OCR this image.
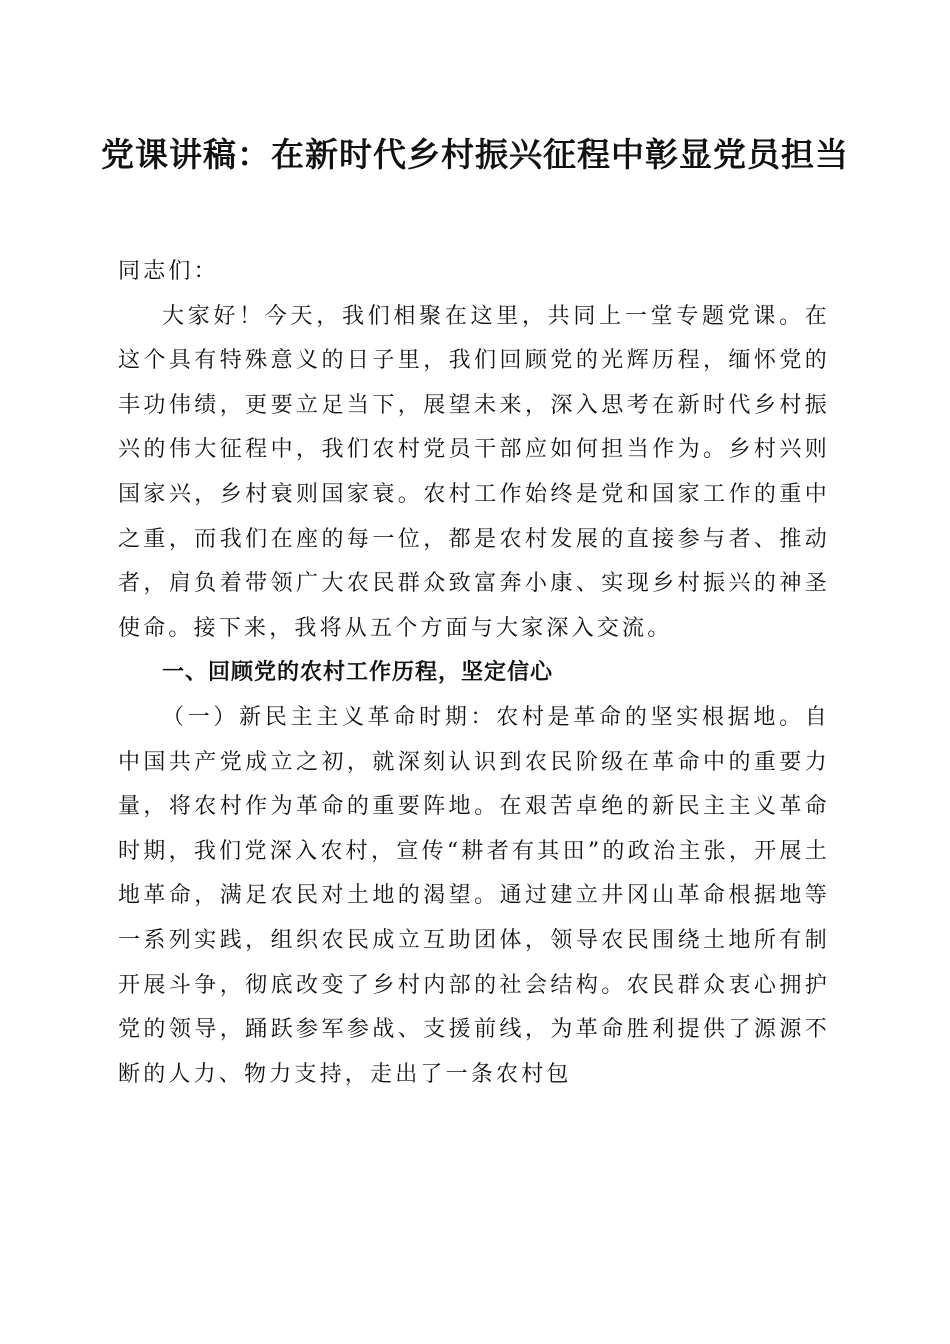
党课讲稿：在新时代乡村振兴征程中彰显党员担当

同志们：

大家好！今天，我们相聚在这里，共同上一堂专题党课。在这个具有特殊意义的日子里，我们回顾党的光辉历程，缅怀党的丰功伟绩，更要立足当下，展望未来，深入思考在新时代乡村振兴的伟大征程中，我们农村党员干部应如何担当作为。乡村兴则国家兴，乡村衰则国家衰。农村工作始终是党和国家工作的重中之重，而我们在座的每一位，都是农村发展的直接参与者、推动者，肩负着带领广大农民群众致富奔小康、实现乡村振兴的神圣使命。接下来，我将从五个方面与大家深入交流。

一、回顾党的农村工作历程，坚定信心

（一）新民主主义革命时期：农村是革命的坚实根据地。自中国共产党成立之初，就深刻认识到农民阶级在革命中的重要力量，将农村作为革命的重要阵地。在艰苦卓绝的新民主主义革命时期，我们党深入农村，宣传“耕者有其田”的政治主张，开展土地革命，满足农民对土地的渴望。通过建立井冈山革命根据地等一系列实践，组织农民成立互助团体，领导农民围绕土地所有制开展斗争，彻底改变了乡村内部的社会结构。农民群众衷心拥护党的领导，踊跃参军参战、支援前线，为革命胜利提供了源源不断的人力、物力支持，走出了一条农村包
